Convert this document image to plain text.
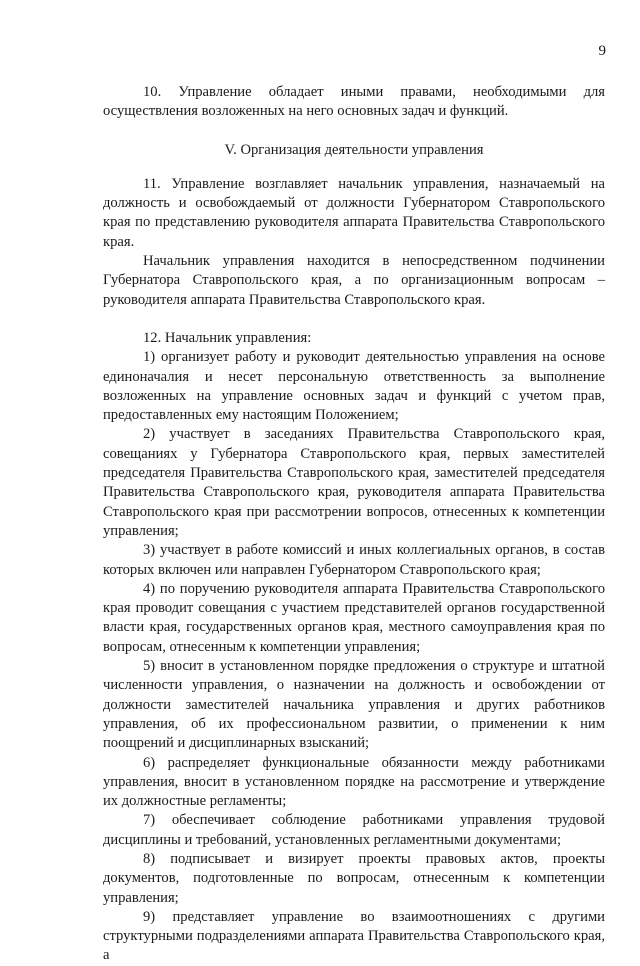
9

10. Управление обладает иными правами, необходимыми для осуществления возложенных на него основных задач и функций.

V. Организация деятельности управления

11. Управление возглавляет начальник управления, назначаемый на должность и освобождаемый от должности Губернатором Ставропольского края по представлению руководителя аппарата Правительства Ставропольского края.

Начальник управления находится в непосредственном подчинении Губернатора Ставропольского края, а по организационным вопросам – руководителя аппарата Правительства Ставропольского края.

12. Начальник управления:

1) организует работу и руководит деятельностью управления на основе единоначалия и несет персональную ответственность за выполнение возложенных на управление основных задач и функций с учетом прав, предоставленных ему настоящим Положением;

2) участвует в заседаниях Правительства Ставропольского края, совещаниях у Губернатора Ставропольского края, первых заместителей председателя Правительства Ставропольского края, заместителей председателя Правительства Ставропольского края, руководителя аппарата Правительства Ставропольского края при рассмотрении вопросов, отнесенных к компетенции управления;

3) участвует в работе комиссий и иных коллегиальных органов, в состав которых включен или направлен Губернатором Ставропольского края;

4) по поручению руководителя аппарата Правительства Ставропольского края проводит совещания с участием представителей органов государственной власти края, государственных органов края, местного самоуправления края по вопросам, отнесенным к компетенции управления;

5) вносит в установленном порядке предложения о структуре и штатной численности управления, о назначении на должность и освобождении от должности заместителей начальника управления и других работников управления, об их профессиональном развитии, о применении к ним поощрений и дисциплинарных взысканий;

6) распределяет функциональные обязанности между работниками управления, вносит в установленном порядке на рассмотрение и утверждение их должностные регламенты;

7) обеспечивает соблюдение работниками управления трудовой дисциплины и требований, установленных регламентными документами;

8) подписывает и визирует проекты правовых актов, проекты документов, подготовленные по вопросам, отнесенным к компетенции управления;

9) представляет управление во взаимоотношениях с другими структурными подразделениями аппарата Правительства Ставропольского края, а
